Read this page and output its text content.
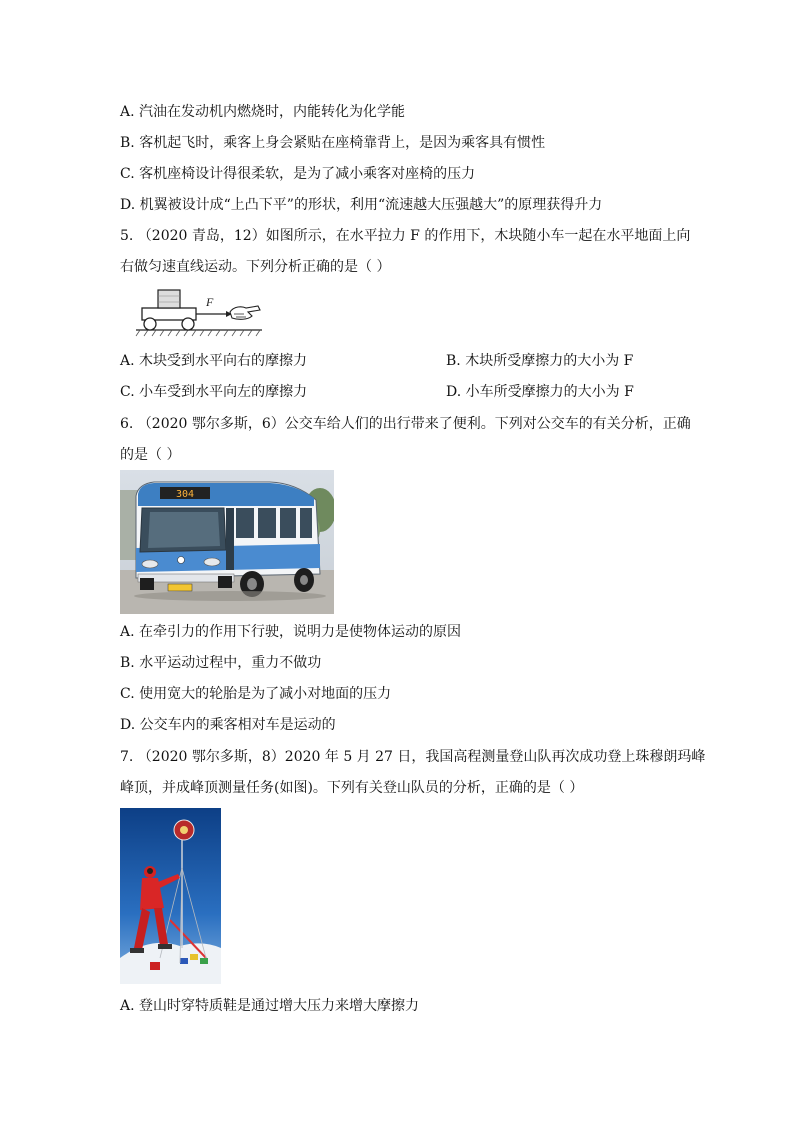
A. 汽油在发动机内燃烧时，内能转化为化学能
B. 客机起飞时，乘客上身会紧贴在座椅靠背上，是因为乘客具有惯性
C. 客机座椅设计得很柔软，是为了减小乘客对座椅的压力
D. 机翼被设计成“上凸下平”的形状，利用“流速越大压强越大”的原理获得升力
5. （2020 青岛，12）如图所示，在水平拉力 F 的作用下，木块随小车一起在水平地面上向
右做匀速直线运动。下列分析正确的是（ ）
F
A. 木块受到水平向右的摩擦力	B. 木块所受摩擦力的大小为 F
C. 小车受到水平向左的摩擦力	D. 小车所受摩擦力的大小为 F
6. （2020 鄂尔多斯，6）公交车给人们的出行带来了便利。下列对公交车的有关分析，正确
的是（ ）
304
A. 在牵引力的作用下行驶，说明力是使物体运动的原因
B. 水平运动过程中，重力不做功
C. 使用宽大的轮胎是为了减小对地面的压力
D. 公交车内的乘客相对车是运动的
7. （2020 鄂尔多斯，8）2020 年 5 月 27 日，我国高程测量登山队再次成功登上珠穆朗玛峰
峰顶，并成峰顶测量任务(如图)。下列有关登山队员的分析，正确的是（ ）
A. 登山时穿特质鞋是通过增大压力来增大摩擦力
